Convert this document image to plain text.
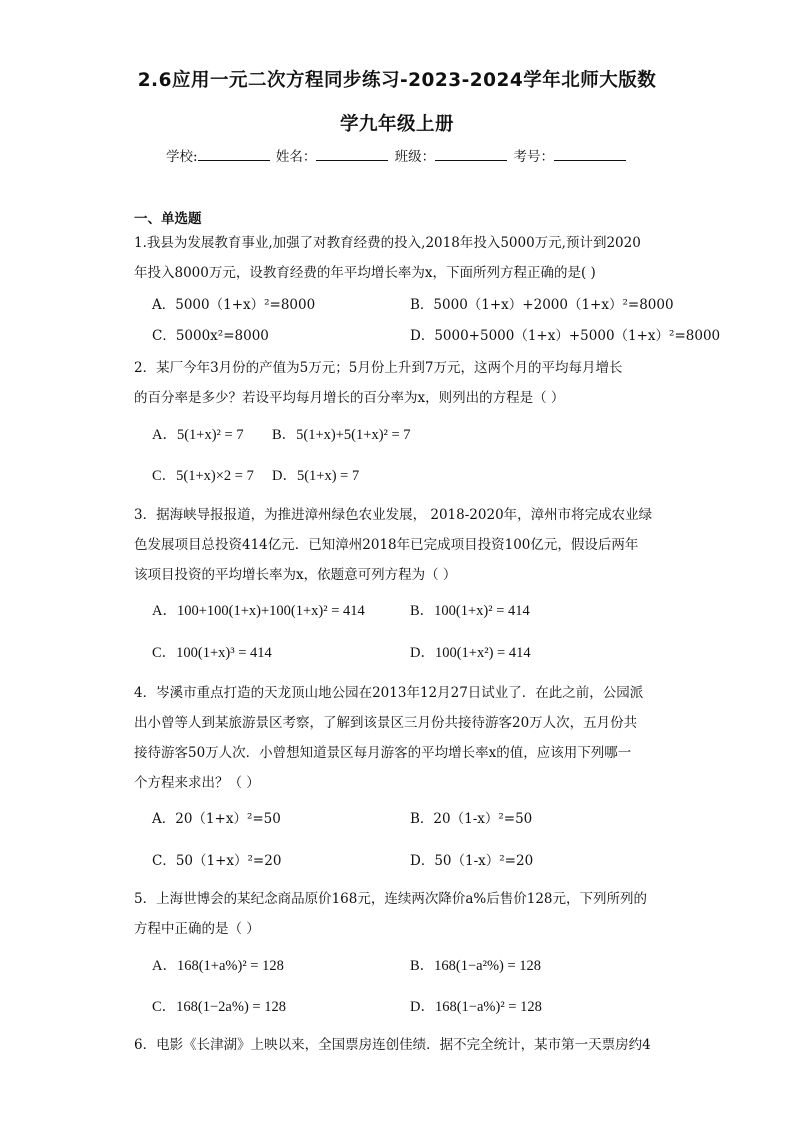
2.6应用一元二次方程同步练习-2023-2024学年北师大版数
学九年级上册
学校:	姓名：	班级：	考号：
一、单选题
1.我县为发展教育事业,加强了对教育经费的投入,2018年投入5000万元,预计到2020
年投入8000万元，设教育经费的年平均增长率为x，下面所列方程正确的是( )
A．5000（1+x）²=8000	B．5000（1+x）+2000（1+x）²=8000
C．5000x²=8000	D．5000+5000（1+x）+5000（1+x）²=8000
2．某厂今年3月份的产值为5万元；5月份上升到7万元，这两个月的平均每月增长
的百分率是多少？若设平均每月增长的百分率为x，则列出的方程是（ ）
A．5(1+x)² = 7 B．5(1+x)+5(1+x)² = 7
C．5(1+x)×2 = 7 D．5(1+x) = 7
3．据海峡导报报道，为推进漳州绿色农业发展， 2018-2020年，漳州市将完成农业绿
色发展项目总投资414亿元．已知漳州2018年已完成项目投资100亿元，假设后两年
该项目投资的平均增长率为x，依题意可列方程为（ ）
A．100+100(1+x)+100(1+x)² = 414	B．100(1+x)² = 414
C．100(1+x)³ = 414	D．100(1+x²) = 414
4．岑溪市重点打造的天龙顶山地公园在2013年12月27日试业了．在此之前，公园派
出小曾等人到某旅游景区考察，了解到该景区三月份共接待游客20万人次，五月份共
接待游客50万人次．小曾想知道景区每月游客的平均增长率x的值，应该用下列哪一
个方程来求出？（ ）
A．20（1+x）²=50	B．20（1-x）²=50
C．50（1+x）²=20	D．50（1-x）²=20
5．上海世博会的某纪念商品原价168元，连续两次降价a%后售价128元，下列所列的
方程中正确的是（ ）
A．168(1+a%)² = 128	B．168(1−a²%) = 128
C．168(1−2a%) = 128	D．168(1−a%)² = 128
6．电影《长津湖》上映以来，全国票房连创佳绩．据不完全统计，某市第一天票房约4
